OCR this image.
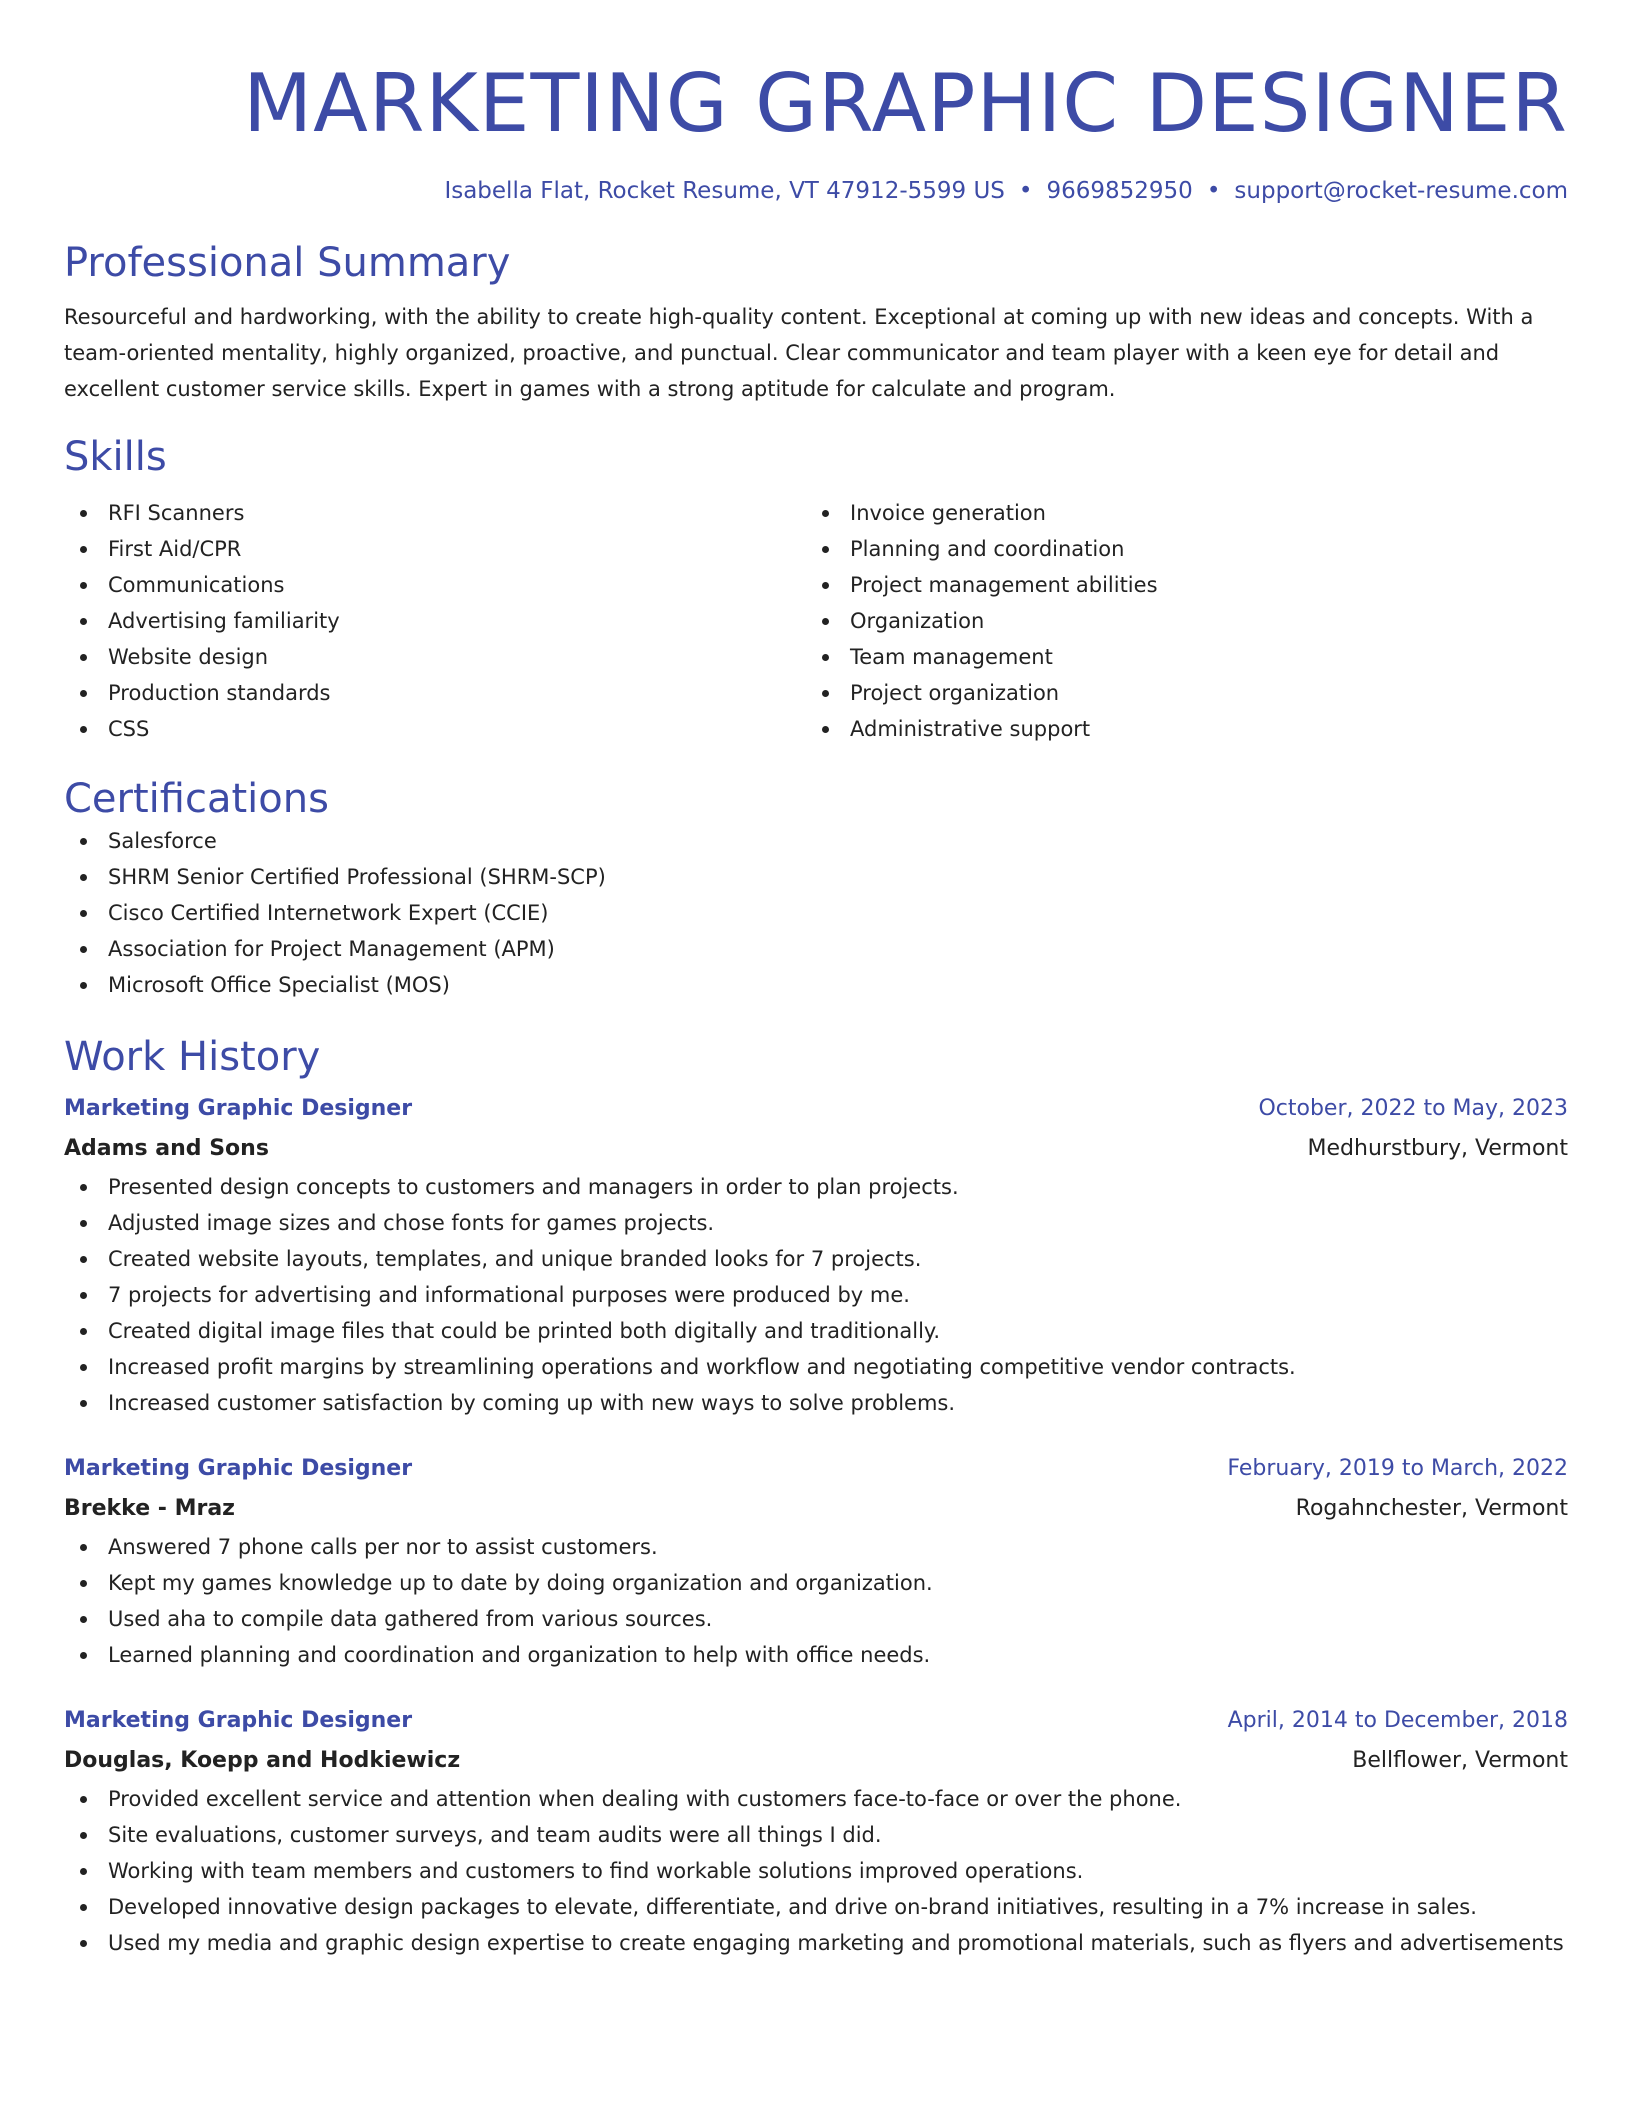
MARKETING GRAPHIC DESIGNER
Isabella Flat, Rocket Resume, VT 47912-5599 US • 9669852950 • support@rocket-resume.com
Professional Summary
Resourceful and hardworking, with the ability to create high-quality content. Exceptional at coming up with new ideas and concepts. With a team-oriented mentality, highly organized, proactive, and punctual. Clear communicator and team player with a keen eye for detail and excellent customer service skills. Expert in games with a strong aptitude for calculate and program.
Skills
RFI Scanners
First Aid/CPR
Communications
Advertising familiarity
Website design
Production standards
CSS
Invoice generation
Planning and coordination
Project management abilities
Organization
Team management
Project organization
Administrative support
Certifications
Salesforce
SHRM Senior Certified Professional (SHRM-SCP)
Cisco Certified Internetwork Expert (CCIE)
Association for Project Management (APM)
Microsoft Office Specialist (MOS)
Work History
Marketing Graphic Designer	October, 2022 to May, 2023
Adams and Sons	Medhurstbury, Vermont
Presented design concepts to customers and managers in order to plan projects.
Adjusted image sizes and chose fonts for games projects.
Created website layouts, templates, and unique branded looks for 7 projects.
7 projects for advertising and informational purposes were produced by me.
Created digital image files that could be printed both digitally and traditionally.
Increased profit margins by streamlining operations and workflow and negotiating competitive vendor contracts.
Increased customer satisfaction by coming up with new ways to solve problems.
Marketing Graphic Designer	February, 2019 to March, 2022
Brekke - Mraz	Rogahnchester, Vermont
Answered 7 phone calls per nor to assist customers.
Kept my games knowledge up to date by doing organization and organization.
Used aha to compile data gathered from various sources.
Learned planning and coordination and organization to help with office needs.
Marketing Graphic Designer	April, 2014 to December, 2018
Douglas, Koepp and Hodkiewicz	Bellflower, Vermont
Provided excellent service and attention when dealing with customers face-to-face or over the phone.
Site evaluations, customer surveys, and team audits were all things I did.
Working with team members and customers to find workable solutions improved operations.
Developed innovative design packages to elevate, differentiate, and drive on-brand initiatives, resulting in a 7% increase in sales.
Used my media and graphic design expertise to create engaging marketing and promotional materials, such as flyers and advertisements
